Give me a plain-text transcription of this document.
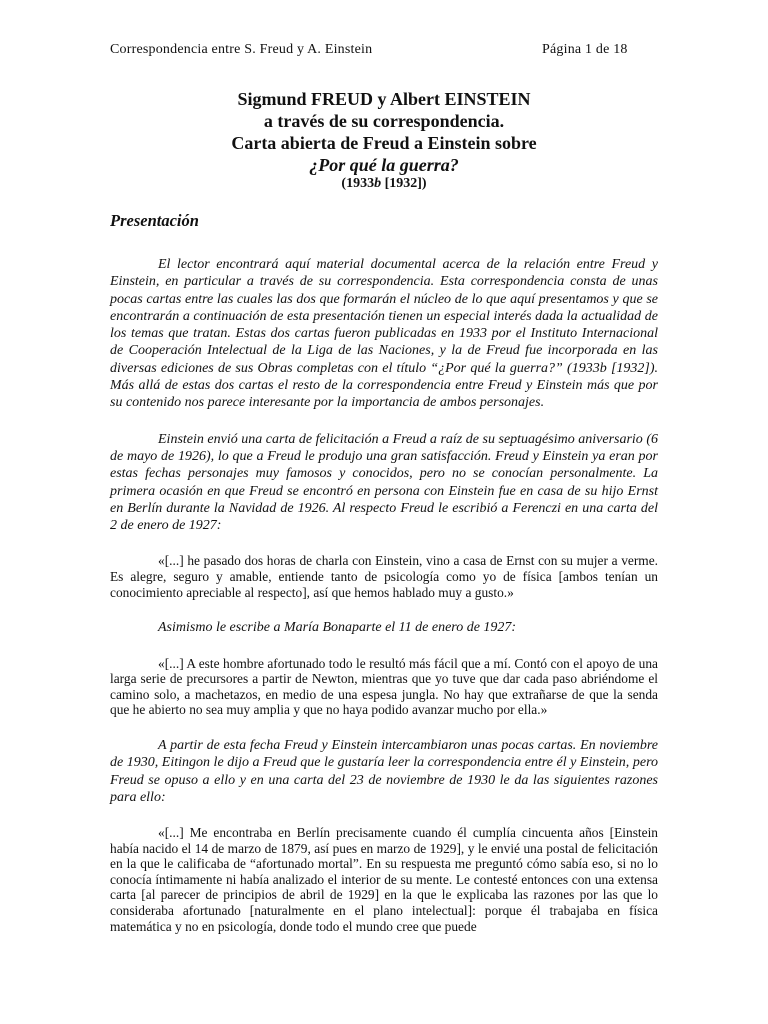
Correspondencia entre S. Freud y A. Einstein	Página 1 de 18
Sigmund FREUD y Albert EINSTEIN
a través de su correspondencia.
Carta abierta de Freud a Einstein sobre
¿Por qué la guerra?
(1933b [1932])
Presentación

El lector encontrará aquí material documental acerca de la relación entre Freud y Einstein, en particular a través de su correspondencia. Esta correspondencia consta de unas pocas cartas entre las cuales las dos que formarán el núcleo de lo que aquí presentamos y que se encontrarán a continuación de esta presentación tienen un especial interés dada la actualidad de los temas que tratan. Estas dos cartas fueron publicadas en 1933 por el Instituto Internacional de Cooperación Intelectual de la Liga de las Naciones, y la de Freud fue incorporada en las diversas ediciones de sus Obras completas con el título “¿Por qué la guerra?” (1933b [1932]). Más allá de estas dos cartas el resto de la correspondencia entre Freud y Einstein más que por su contenido nos parece interesante por la importancia de ambos personajes.

Einstein envió una carta de felicitación a Freud a raíz de su septuagésimo aniversario (6 de mayo de 1926), lo que a Freud le produjo una gran satisfacción. Freud y Einstein ya eran por estas fechas personajes muy famosos y conocidos, pero no se conocían personalmente. La primera ocasión en que Freud se encontró en persona con Einstein fue en casa de su hijo Ernst en Berlín durante la Navidad de 1926. Al respecto Freud le escribió a Ferenczi en una carta del 2 de enero de 1927:

«[...] he pasado dos horas de charla con Einstein, vino a casa de Ernst con su mujer a verme. Es alegre, seguro y amable, entiende tanto de psicología como yo de física [ambos tenían un conocimiento apreciable al respecto], así que hemos hablado muy a gusto.»

Asimismo le escribe a María Bonaparte el 11 de enero de 1927:

«[...] A este hombre afortunado todo le resultó más fácil que a mí. Contó con el apoyo de una larga serie de precursores a partir de Newton, mientras que yo tuve que dar cada paso abriéndome el camino solo, a machetazos, en medio de una espesa jungla. No hay que extrañarse de que la senda que he abierto no sea muy amplia y que no haya podido avanzar mucho por ella.»

A partir de esta fecha Freud y Einstein intercambiaron unas pocas cartas. En noviembre de 1930, Eitingon le dijo a Freud que le gustaría leer la correspondencia entre él y Einstein, pero Freud se opuso a ello y en una carta del 23 de noviembre de 1930 le da las siguientes razones para ello:

«[...] Me encontraba en Berlín precisamente cuando él cumplía cincuenta años [Einstein había nacido el 14 de marzo de 1879, así pues en marzo de 1929], y le envié una postal de felicitación en la que le calificaba de “afortunado mortal”. En su respuesta me preguntó cómo sabía eso, si no lo conocía íntimamente ni había analizado el interior de su mente. Le contesté entonces con una extensa carta [al parecer de principios de abril de 1929] en la que le explicaba las razones por las que lo consideraba afortunado [naturalmente en el plano intelectual]: porque él trabajaba en física matemática y no en psicología, donde todo el mundo cree que puede
